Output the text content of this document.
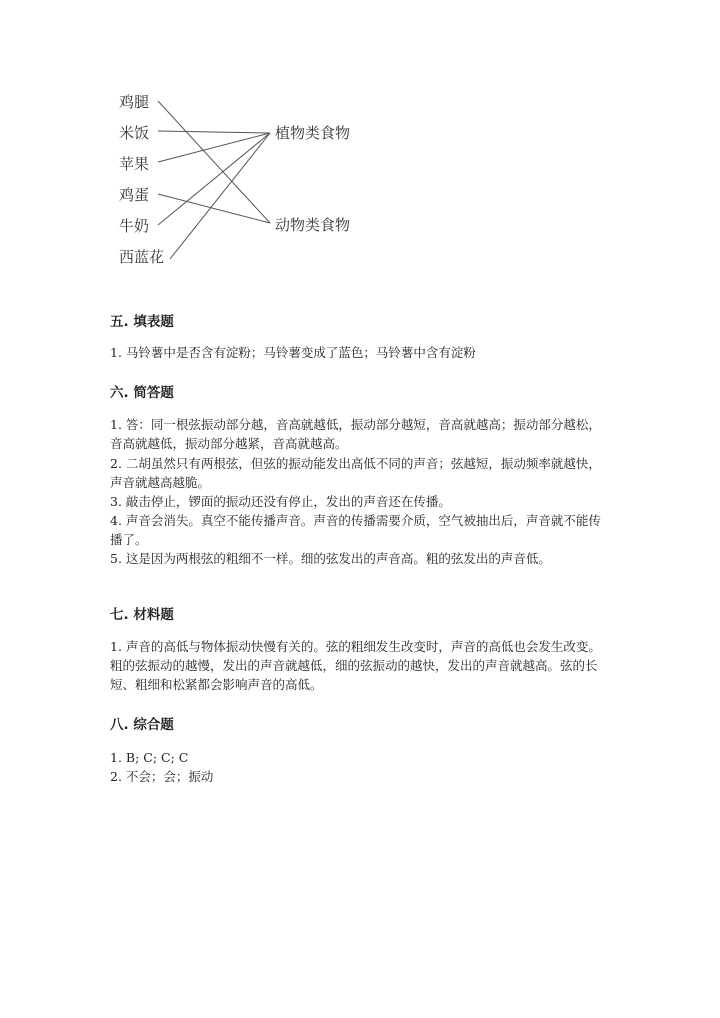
鸡腿
米饭
苹果
鸡蛋
牛奶
西蓝花
植物类食物
动物类食物
五. 填表题

1. 马铃薯中是否含有淀粉；马铃薯变成了蓝色；马铃薯中含有淀粉

六. 简答题

1. 答：同一根弦振动部分越，音高就越低，振动部分越短，音高就越高；振动部分越松，音高就越低，振动部分越紧，音高就越高。

2. 二胡虽然只有两根弦，但弦的振动能发出高低不同的声音；弦越短，振动频率就越快，声音就越高越脆。

3. 敲击停止，锣面的振动还没有停止，发出的声音还在传播。

4. 声音会消失。真空不能传播声音。声音的传播需要介质，空气被抽出后，声音就不能传播了。

5. 这是因为两根弦的粗细不一样。细的弦发出的声音高。粗的弦发出的声音低。

七. 材料题

1. 声音的高低与物体振动快慢有关的。弦的粗细发生改变时，声音的高低也会发生改变。粗的弦振动的越慢，发出的声音就越低，细的弦振动的越快，发出的声音就越高。弦的长短、粗细和松紧都会影响声音的高低。

八. 综合题

1. B; C; C; C

2. 不会；会；振动
